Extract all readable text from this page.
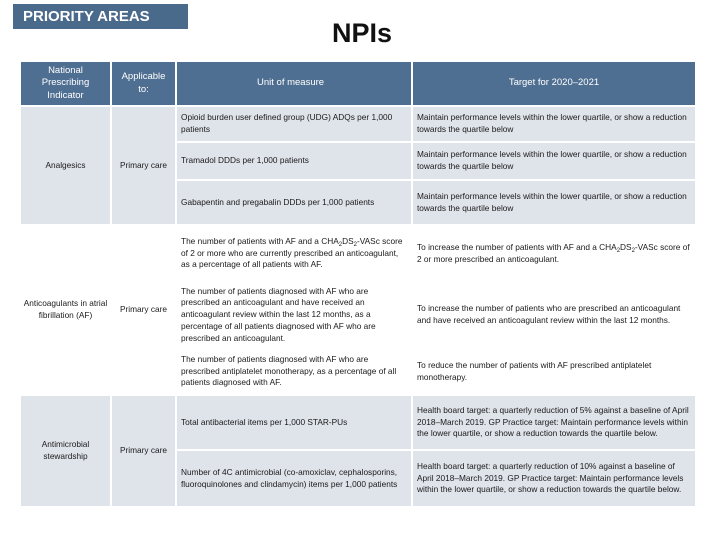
PRIORITY AREAS
NPIs
National Prescribing Indicator
Applicable to:
Unit of measure	Target for 2020–2021
Analgesics	Primary care
Anticoagulants in atrial fibrillation (AF)
Primary care
Antimicrobial stewardship
Primary care
Opioid burden user defined group (UDG) ADQs per 1,000 patients
Maintain performance levels within the lower quartile, or show a reduction towards the quartile below
Tramadol DDDs per 1,000 patients
Maintain performance levels within the lower quartile, or show a reduction towards the quartile below
Gabapentin and pregabalin DDDs per 1,000 patients
Maintain performance levels within the lower quartile, or show a reduction towards the quartile below
The number of patients with AF and a $CHA_2DS_2$-VASc score of 2 or more who are currently prescribed an anticoagulant, as a percentage of all patients with AF.
To increase the number of patients with AF and a $CHA_2DS_2$-VASc score of 2 or more prescribed an anticoagulant.
The number of patients diagnosed with AF who are prescribed an anticoagulant and have received an anticoagulant review within the last 12 months, as a percentage of all patients diagnosed with AF who are prescribed an anticoagulant.
To increase the number of patients who are prescribed an anticoagulant and have received an anticoagulant review within the last 12 months.
The number of patients diagnosed with AF who are prescribed antiplatelet monotherapy, as a percentage of all patients diagnosed with AF.
To reduce the number of patients with AF prescribed antiplatelet monotherapy.
Total antibacterial items per 1,000 STAR-PUs
Health board target: a quarterly reduction of 5% against a baseline of April 2018–March 2019. GP Practice target: Maintain performance levels within the lower quartile, or show a reduction towards the quartile below.
Number of 4C antimicrobial (co-amoxiclav, cephalosporins, fluoroquinolones and clindamycin) items per 1,000 patients
Health board target: a quarterly reduction of 10% against a baseline of April 2018–March 2019. GP Practice target: Maintain performance levels within the lower quartile, or show a reduction towards the quartile below.
